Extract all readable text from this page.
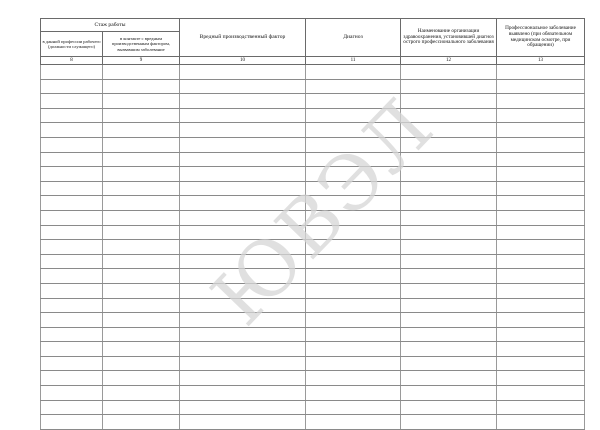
Стаж работы		Вредный производственный фактор	Диагноз	Наименование организации здравоохранения, установившей диагноз острого профессионального заболевания	Профессиональное заболевание выявлено (при обязательном медицинском осмотре, при обращении)
в данной профессии рабочего (должности служащего)	в контакте с вредным производственным фактором, вызвавшим заболевание				
8	9	10	11	12	13

ЮВЭЛ
